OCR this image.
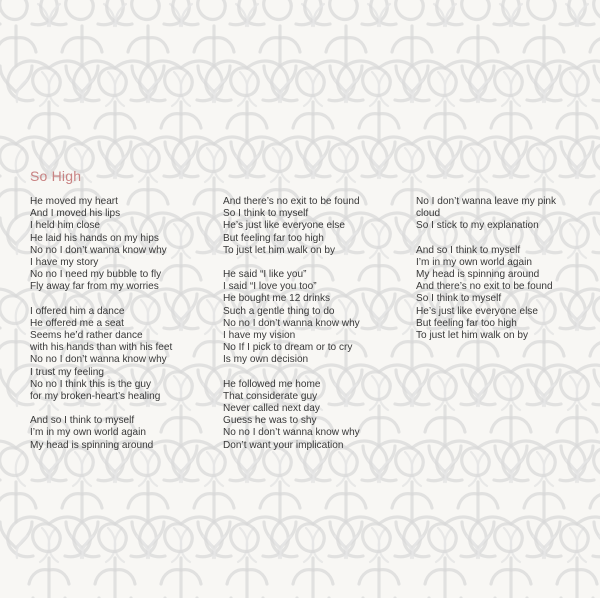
So High
He moved my heart
And I moved his lips
I held him close
He laid his hands on my hips
No no I don’t wanna know why
I have my story
No no I need my bubble to fly
Fly away far from my worries
I offered him a dance
He offered me a seat
Seems he’d rather dance
with his hands than with his feet
No no I don’t wanna know why
I trust my feeling
No no I think this is the guy
for my broken-heart’s healing
And so I think to myself
I’m in my own world again
My head is spinning around
And there’s no exit to be found
So I think to myself
He’s just like everyone else
But feeling far too high
To just let him walk on by
He said “I like you”
I said “I love you too”
He bought me 12 drinks
Such a gentle thing to do
No no I don’t wanna know why
I have my vision
No If I pick to dream or to cry
Is my own decision
He followed me home
That considerate guy
Never called next day
Guess he was to shy
No no I don’t wanna know why
Don’t want your implication
No I don’t wanna leave my pink
cloud
So I stick to my explanation
And so I think to myself
I’m in my own world again
My head is spinning around
And there’s no exit to be found
So I think to myself
He’s just like everyone else
But feeling far too high
To just let him walk on by
